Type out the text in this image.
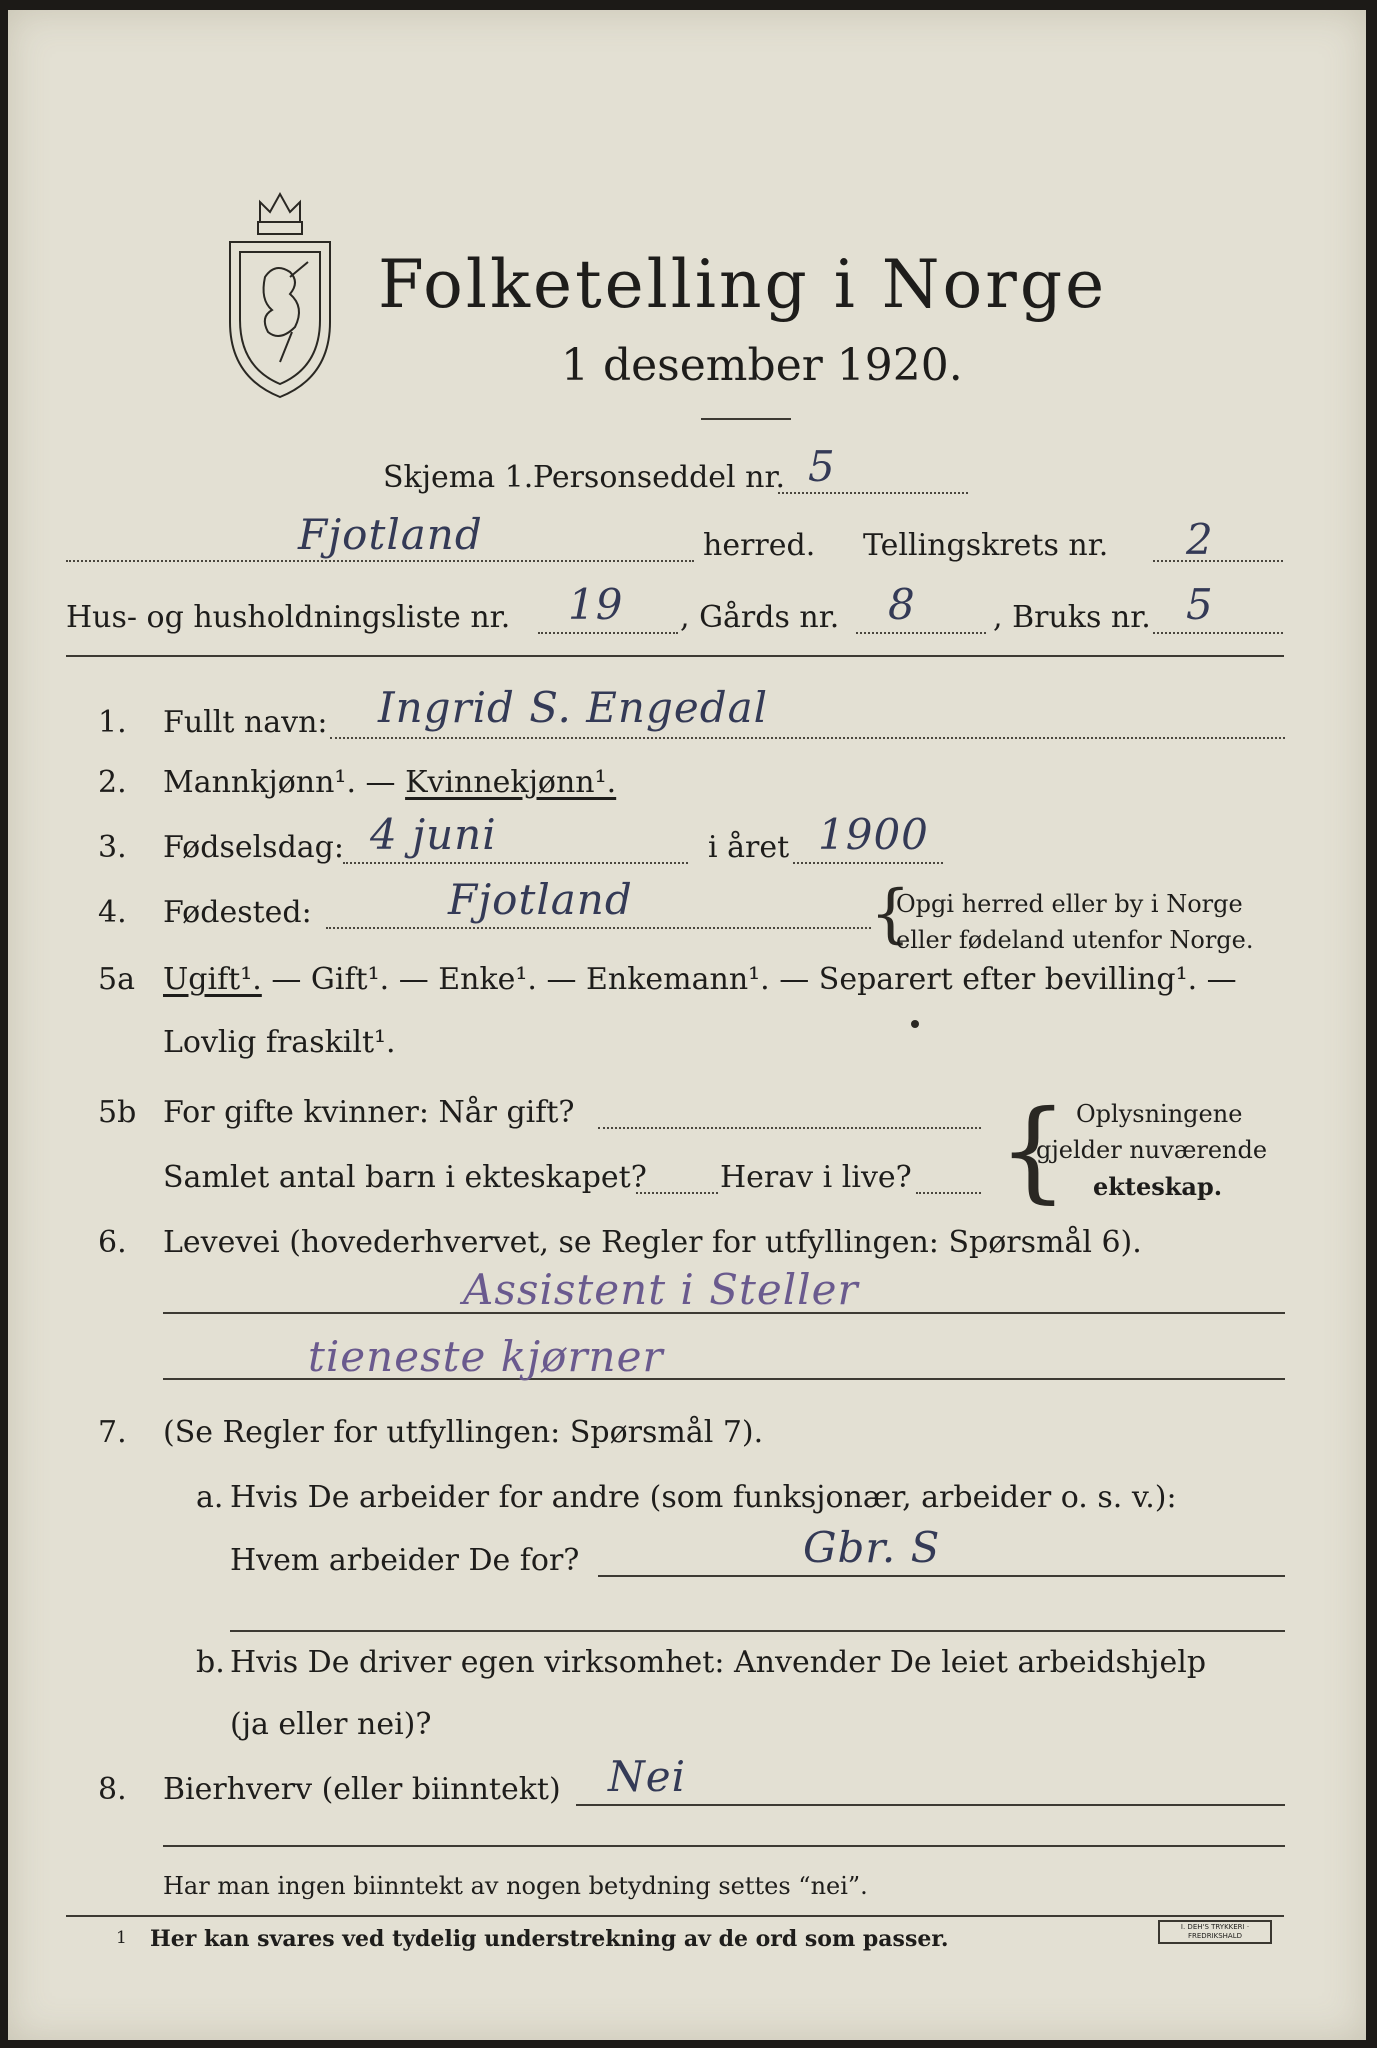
Folketelling i Norge
1 desember 1920.
Skjema 1. Personseddel nr. 5
Fjotland	herred. Tellingskrets nr. 2
Hus- og husholdningsliste nr. 19 , Gårds nr. 8	, Bruks nr. 5
1. Fullt navn: Ingrid S. Engedal
2. Mannkjønn¹. — Kvinnekjønn¹.
3. Fødselsdag: 4 juni	i året 1900
4. Fødested:	Fjotland	{
Opgi herred eller by i Norge
eller fødeland utenfor Norge.
5a Ugift¹. — Gift¹. — Enke¹. — Enkemann¹. — Separert efter bevilling¹. —
Lovlig fraskilt¹.
5b For gifte kvinner: Når gift?
Samlet antal barn i ekteskapet? Herav i live? { Oplysningene
gjelder nuværende
ekteskap.
6. Levevei (hovederhvervet, se Regler for utfyllingen: Spørsmål 6).
Assistent i Steller
tieneste kjørner
7. (Se Regler for utfyllingen: Spørsmål 7).
a. Hvis De arbeider for andre (som funksjonær, arbeider o. s. v.):
Hvem arbeider De for?	Gbr. S
b. Hvis De driver egen virksomhet: Anvender De leiet arbeidshjelp
(ja eller nei)?
8. Bierhverv (eller biinntekt) Nei
Har man ingen biinntekt av nogen betydning settes “nei”.
1 Her kan svares ved tydelig understrekning av de ord som passer.	I. DEH'S TRYKKERI · FREDRIKSHALD
